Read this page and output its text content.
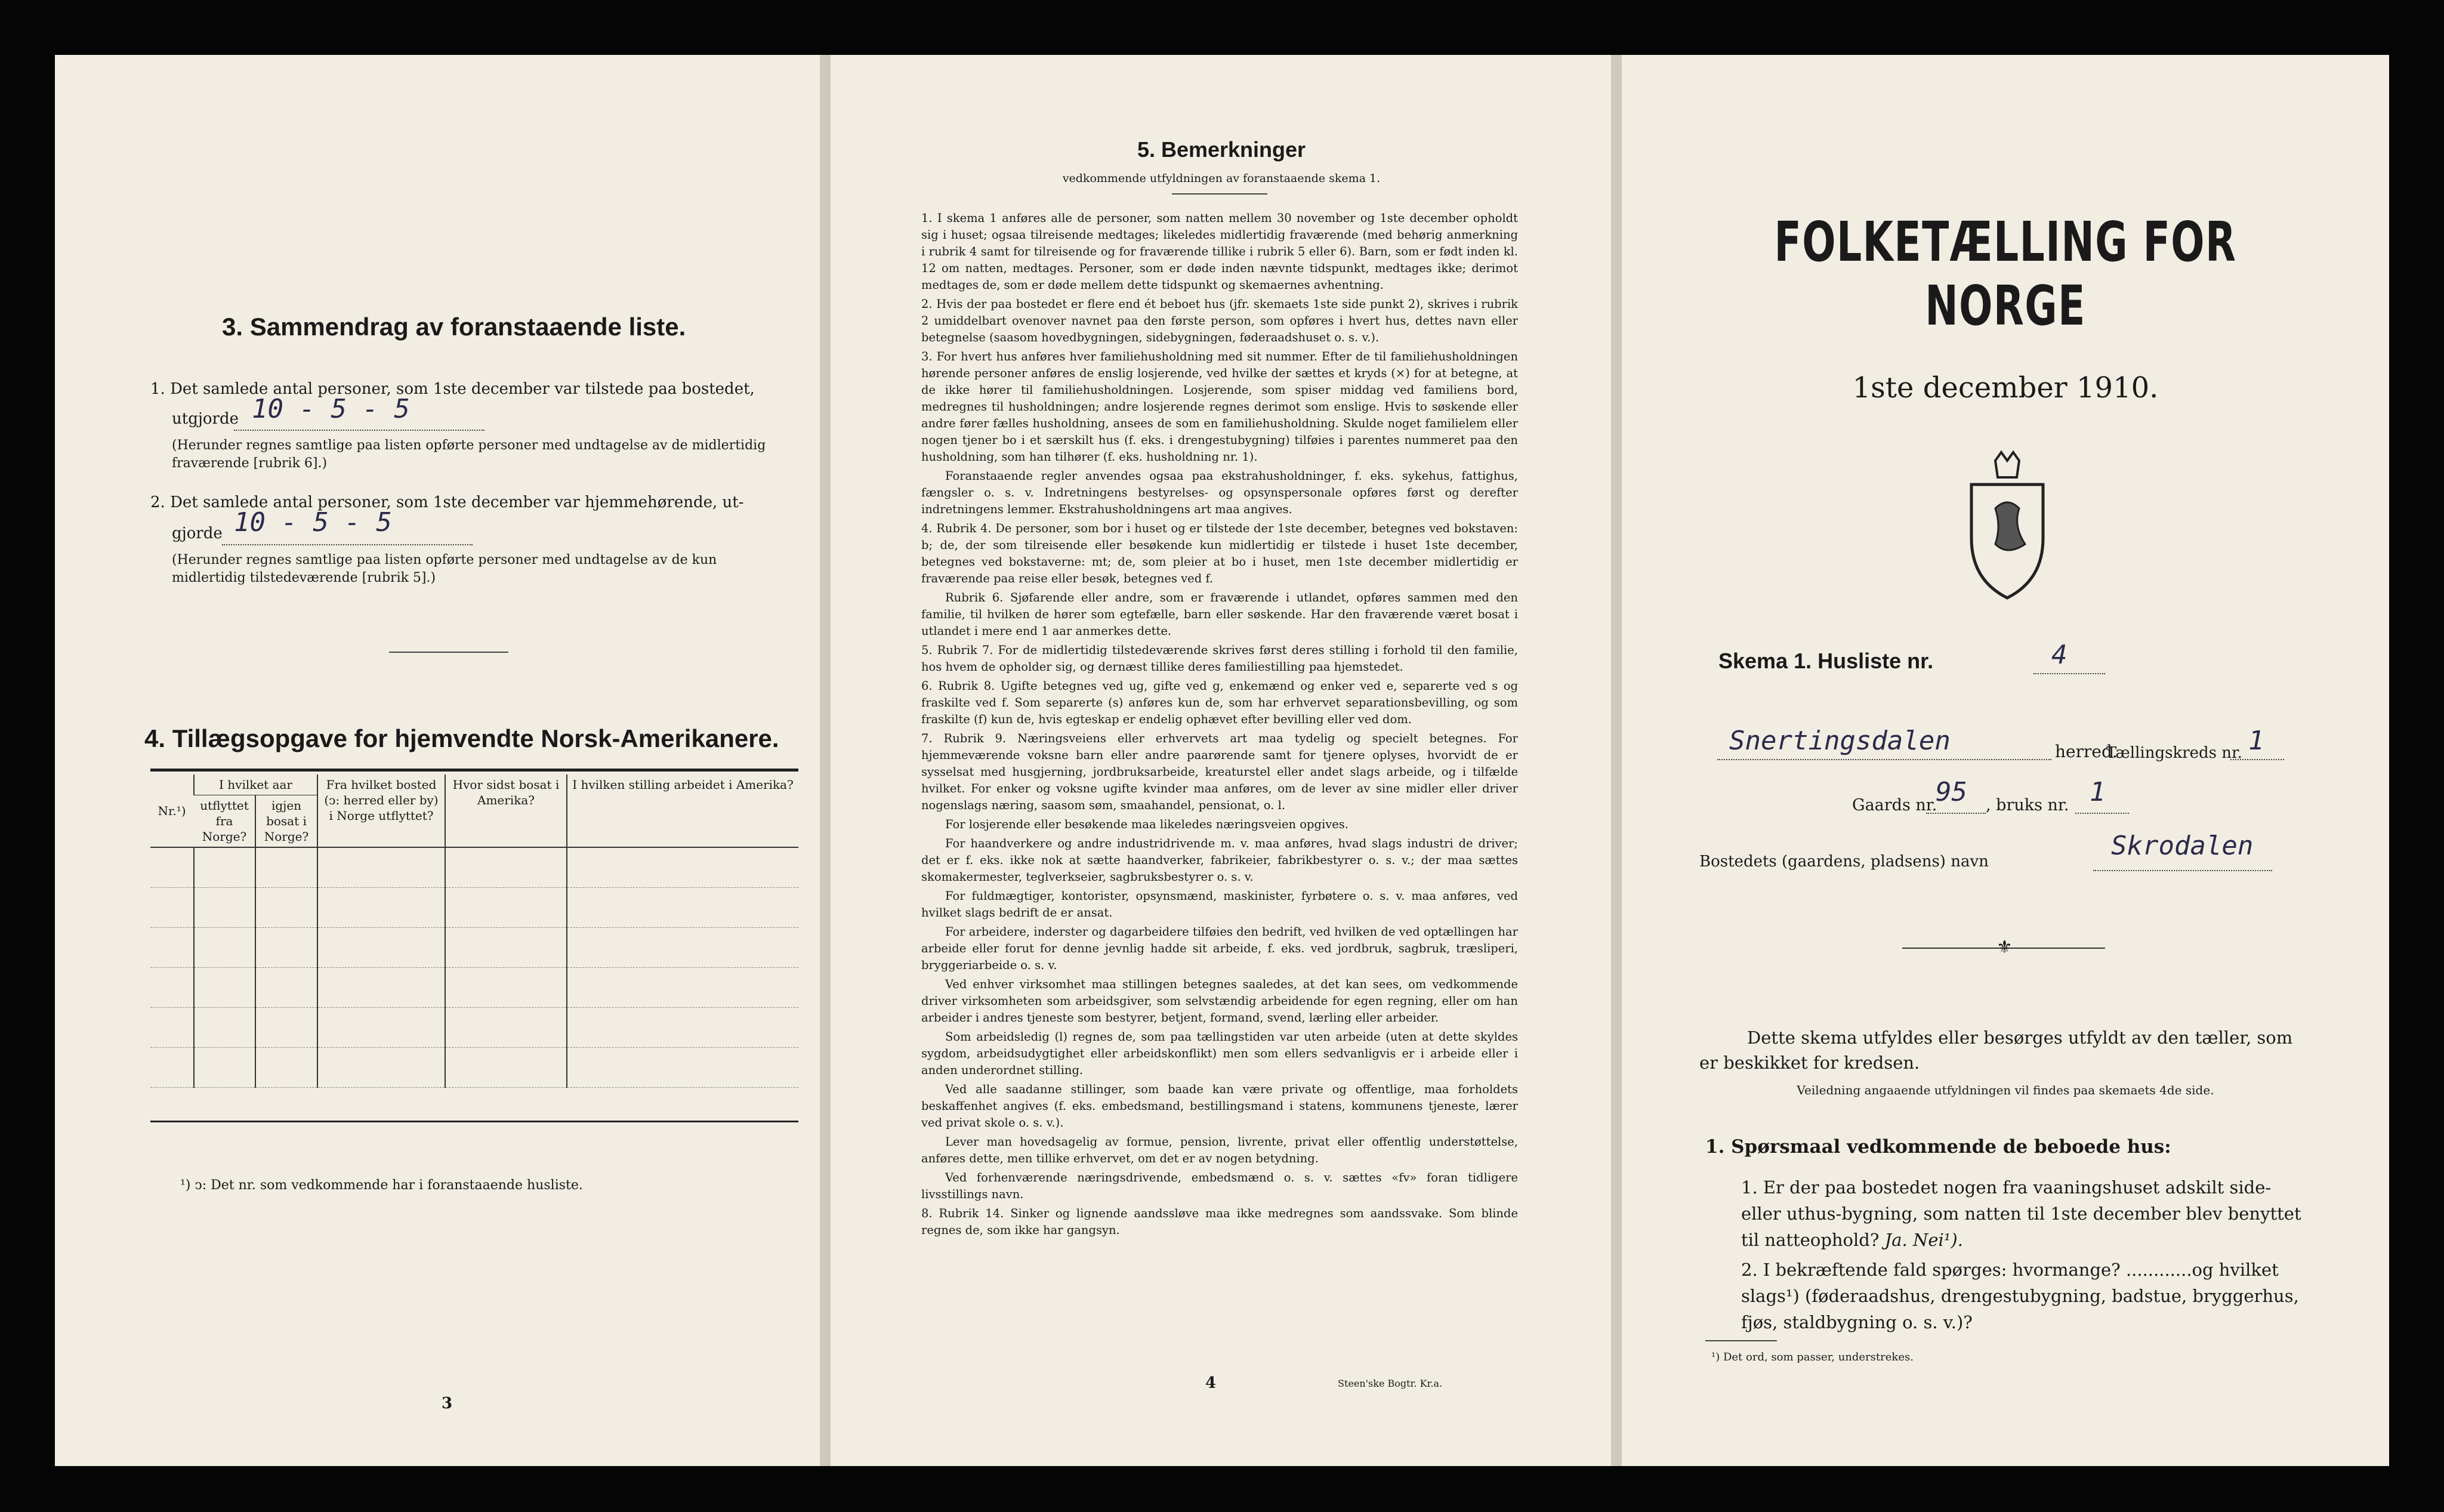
3. Sammendrag av foranstaaende liste.
1. Det samlede antal personer, som 1ste december var tilstede paa bostedet,
utgjorde 10 - 5 - 5
(Herunder regnes samtlige paa listen opførte personer med undtagelse av de midlertidig fraværende [rubrik 6].)
2. Det samlede antal personer, som 1ste december var hjemmehørende, ut-
gjorde 10 - 5 - 5
(Herunder regnes samtlige paa listen opførte personer med undtagelse av de kun midlertidig tilstedeværende [rubrik 5].)
4. Tillægsopgave for hjemvendte Norsk-Amerikanere.
Nr.¹)	I hvilket aar		Fra hvilket bosted (ↄ: herred eller by) i Norge utflyttet?	Hvor sidst bosat i Amerika?	I hvilken stilling arbeidet i Amerika?
	utflyttet fra Norge?	igjen bosat i Norge?			

¹) ↄ: Det nr. som vedkommende har i foranstaaende husliste.
3
5. Bemerkninger
vedkommende utfyldningen av foranstaaende skema 1.

1. I skema 1 anføres alle de personer, som natten mellem 30 november og 1ste december opholdt sig i huset; ogsaa tilreisende medtages; likeledes midlertidig fraværende (med behørig anmerkning i rubrik 4 samt for tilreisende og for fraværende tillike i rubrik 5 eller 6). Barn, som er født inden kl. 12 om natten, medtages. Personer, som er døde inden nævnte tidspunkt, medtages ikke; derimot medtages de, som er døde mellem dette tidspunkt og skemaernes avhentning.

2. Hvis der paa bostedet er flere end ét beboet hus (jfr. skemaets 1ste side punkt 2), skrives i rubrik 2 umiddelbart ovenover navnet paa den første person, som opføres i hvert hus, dettes navn eller betegnelse (saasom hovedbygningen, sidebygningen, føderaadshuset o. s. v.).

3. For hvert hus anføres hver familiehusholdning med sit nummer. Efter de til familiehusholdningen hørende personer anføres de enslig losjerende, ved hvilke der sættes et kryds (×) for at betegne, at de ikke hører til familiehusholdningen. Losjerende, som spiser middag ved familiens bord, medregnes til husholdningen; andre losjerende regnes derimot som enslige. Hvis to søskende eller andre fører fælles husholdning, ansees de som en familiehusholdning. Skulde noget familielem eller nogen tjener bo i et særskilt hus (f. eks. i drengestubygning) tilføies i parentes nummeret paa den husholdning, som han tilhører (f. eks. husholdning nr. 1).

Foranstaaende regler anvendes ogsaa paa ekstrahusholdninger, f. eks. sykehus, fattighus, fængsler o. s. v. Indretningens bestyrelses- og opsynspersonale opføres først og derefter indretningens lemmer. Ekstrahusholdningens art maa angives.

4. Rubrik 4. De personer, som bor i huset og er tilstede der 1ste december, betegnes ved bokstaven: b; de, der som tilreisende eller besøkende kun midlertidig er tilstede i huset 1ste december, betegnes ved bokstaverne: mt; de, som pleier at bo i huset, men 1ste december midlertidig er fraværende paa reise eller besøk, betegnes ved f.

Rubrik 6. Sjøfarende eller andre, som er fraværende i utlandet, opføres sammen med den familie, til hvilken de hører som egtefælle, barn eller søskende. Har den fraværende været bosat i utlandet i mere end 1 aar anmerkes dette.

5. Rubrik 7. For de midlertidig tilstedeværende skrives først deres stilling i forhold til den familie, hos hvem de opholder sig, og dernæst tillike deres familiestilling paa hjemstedet.

6. Rubrik 8. Ugifte betegnes ved ug, gifte ved g, enkemænd og enker ved e, separerte ved s og fraskilte ved f. Som separerte (s) anføres kun de, som har erhvervet separationsbevilling, og som fraskilte (f) kun de, hvis egteskap er endelig ophævet efter bevilling eller ved dom.

7. Rubrik 9. Næringsveiens eller erhvervets art maa tydelig og specielt betegnes. For hjemmeværende voksne barn eller andre paarørende samt for tjenere oplyses, hvorvidt de er sysselsat med husgjerning, jordbruksarbeide, kreaturstel eller andet slags arbeide, og i tilfælde hvilket. For enker og voksne ugifte kvinder maa anføres, om de lever av sine midler eller driver nogenslags næring, saasom søm, smaahandel, pensionat, o. l.

For losjerende eller besøkende maa likeledes næringsveien opgives.

For haandverkere og andre industridrivende m. v. maa anføres, hvad slags industri de driver; det er f. eks. ikke nok at sætte haandverker, fabrikeier, fabrikbestyrer o. s. v.; der maa sættes skomakermester, teglverkseier, sagbruksbestyrer o. s. v.

For fuldmægtiger, kontorister, opsynsmænd, maskinister, fyrbøtere o. s. v. maa anføres, ved hvilket slags bedrift de er ansat.

For arbeidere, inderster og dagarbeidere tilføies den bedrift, ved hvilken de ved optællingen har arbeide eller forut for denne jevnlig hadde sit arbeide, f. eks. ved jordbruk, sagbruk, træsliperi, bryggeriarbeide o. s. v.

Ved enhver virksomhet maa stillingen betegnes saaledes, at det kan sees, om vedkommende driver virksomheten som arbeidsgiver, som selvstændig arbeidende for egen regning, eller om han arbeider i andres tjeneste som bestyrer, betjent, formand, svend, lærling eller arbeider.

Som arbeidsledig (l) regnes de, som paa tællingstiden var uten arbeide (uten at dette skyldes sygdom, arbeidsudygtighet eller arbeidskonflikt) men som ellers sedvanligvis er i arbeide eller i anden underordnet stilling.

Ved alle saadanne stillinger, som baade kan være private og offentlige, maa forholdets beskaffenhet angives (f. eks. embedsmand, bestillingsmand i statens, kommunens tjeneste, lærer ved privat skole o. s. v.).

Lever man hovedsagelig av formue, pension, livrente, privat eller offentlig understøttelse, anføres dette, men tillike erhvervet, om det er av nogen betydning.

Ved forhenværende næringsdrivende, embedsmænd o. s. v. sættes «fv» foran tidligere livsstillings navn.

8. Rubrik 14. Sinker og lignende aandssløve maa ikke medregnes som aandssvake. Som blinde regnes de, som ikke har gangsyn.

4	Steen'ske Bogtr. Kr.a.
FOLKETÆLLING FOR NORGE
1ste december 1910.
Skema 1. Husliste nr.	4
Snertingsdalen	herred.
Tællingskreds nr. 1
Gaards nr.
95 , bruks nr. 1
Bostedets (gaardens, pladsens) navn
Skrodalen
⚜
Dette skema utfyldes eller besørges utfyldt av den tæller, som er beskikket for kredsen.
Veiledning angaaende utfyldningen vil findes paa skemaets 4de side.
1. Spørsmaal vedkommende de beboede hus:
1. Er der paa bostedet nogen fra vaaningshuset adskilt side- eller uthus-bygning, som natten til 1ste december blev benyttet til natteophold? Ja. Nei¹).
2. I bekræftende fald spørges: hvormange? ............og hvilket slags¹) (føderaadshus, drengestubygning, badstue, bryggerhus, fjøs, staldbygning o. s. v.)?
¹) Det ord, som passer, understrekes.
